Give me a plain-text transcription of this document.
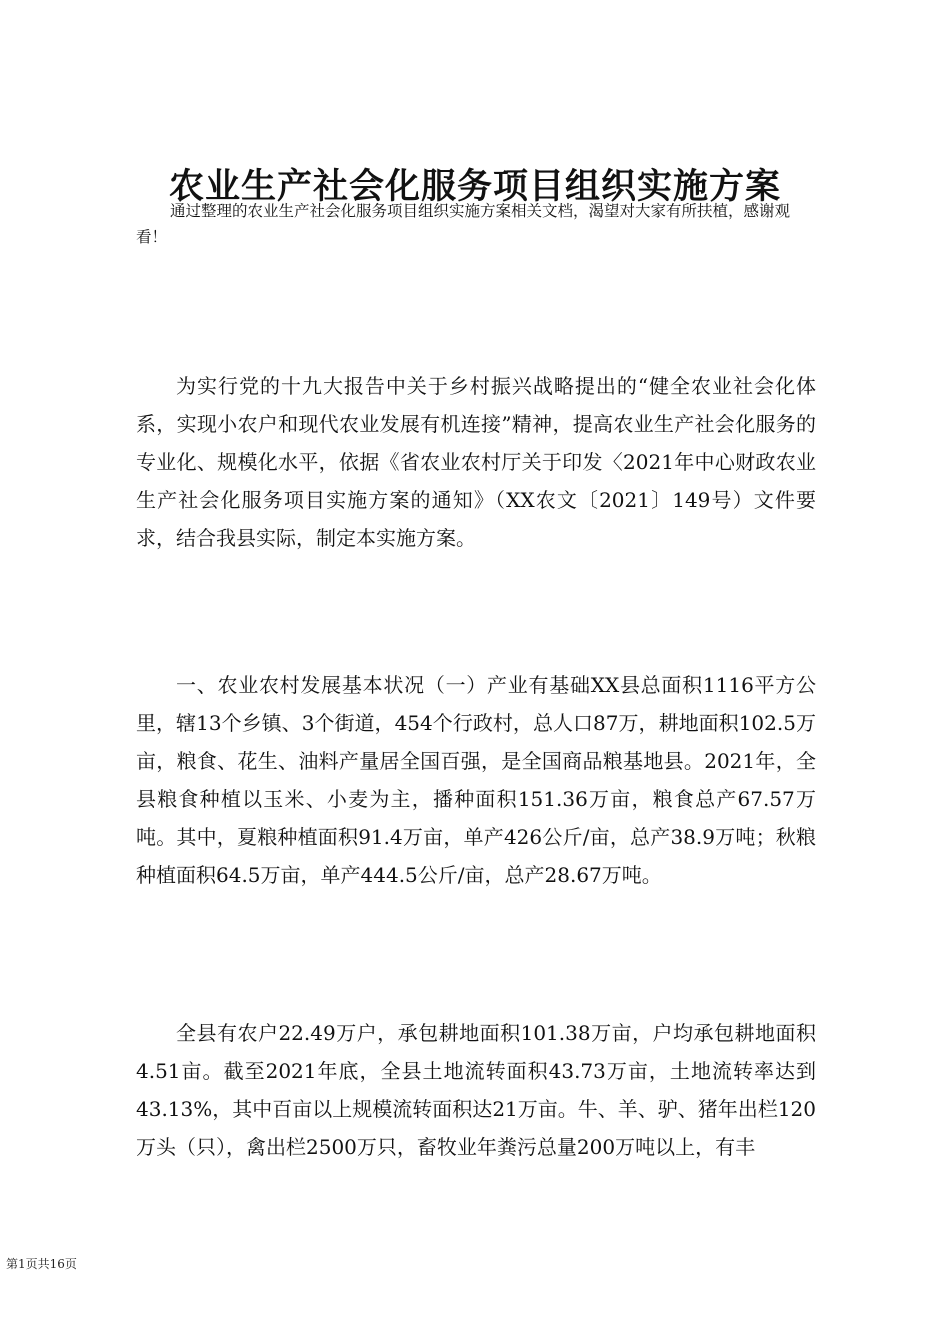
农业生产社会化服务项目组织实施方案

通过整理的农业生产社会化服务项目组织实施方案相关文档，渴望对大家有所扶植，感谢观看！

为实行党的十九大报告中关于乡村振兴战略提出的“健全农业社会化体系，实现小农户和现代农业发展有机连接”精神，提高农业生产社会化服务的专业化、规模化水平，依据《省农业农村厅关于印发〈2021年中心财政农业生产社会化服务项目实施方案的通知》（XX农文〔2021〕149号）文件要求，结合我县实际，制定本实施方案。

一、农业农村发展基本状况（一）产业有基础XX县总面积1116平方公里，辖13个乡镇、3个街道，454个行政村，总人口87万，耕地面积102.5万亩，粮食、花生、油料产量居全国百强，是全国商品粮基地县。2021年，全县粮食种植以玉米、小麦为主，播种面积151.36万亩，粮食总产67.57万吨。其中，夏粮种植面积91.4万亩，单产426公斤/亩，总产38.9万吨；秋粮种植面积64.5万亩，单产444.5公斤/亩，总产28.67万吨。

全县有农户22.49万户，承包耕地面积101.38万亩，户均承包耕地面积4.51亩。截至2021年底，全县土地流转面积43.73万亩，土地流转率达到43.13%，其中百亩以上规模流转面积达21万亩。牛、羊、驴、猪年出栏120万头（只），禽出栏2500万只，畜牧业年粪污总量200万吨以上，有丰

第1页共16页
